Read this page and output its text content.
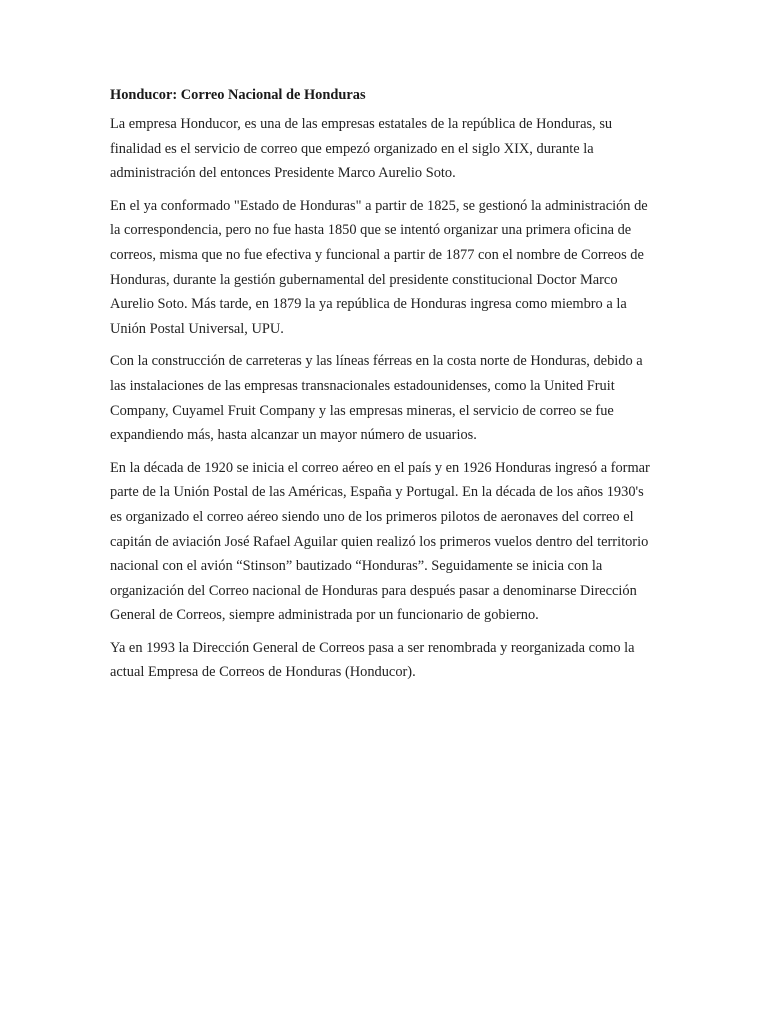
Honducor: Correo Nacional de Honduras

La empresa Honducor, es una de las empresas estatales de la república de Honduras, su finalidad es el servicio de correo que empezó organizado en el siglo XIX, durante la administración del entonces Presidente Marco Aurelio Soto.

En el ya conformado "Estado de Honduras" a partir de 1825, se gestionó la administración de la correspondencia, pero no fue hasta 1850 que se intentó organizar una primera oficina de correos, misma que no fue efectiva y funcional a partir de 1877 con el nombre de Correos de Honduras, durante la gestión gubernamental del presidente constitucional Doctor Marco Aurelio Soto. Más tarde, en 1879 la ya república de Honduras ingresa como miembro a la Unión Postal Universal, UPU.

Con la construcción de carreteras y las líneas férreas en la costa norte de Honduras, debido a las instalaciones de las empresas transnacionales estadounidenses, como la United Fruit Company, Cuyamel Fruit Company y las empresas mineras, el servicio de correo se fue expandiendo más, hasta alcanzar un mayor número de usuarios.

En la década de 1920 se inicia el correo aéreo en el país y en 1926 Honduras ingresó a formar parte de la Unión Postal de las Américas, España y Portugal. En la década de los años 1930's es organizado el correo aéreo siendo uno de los primeros pilotos de aeronaves del correo el capitán de aviación José Rafael Aguilar quien realizó los primeros vuelos dentro del territorio nacional con el avión “Stinson” bautizado “Honduras”. Seguidamente se inicia con la organización del Correo nacional de Honduras para después pasar a denominarse Dirección General de Correos, siempre administrada por un funcionario de gobierno.

Ya en 1993 la Dirección General de Correos pasa a ser renombrada y reorganizada como la actual Empresa de Correos de Honduras (Honducor).
